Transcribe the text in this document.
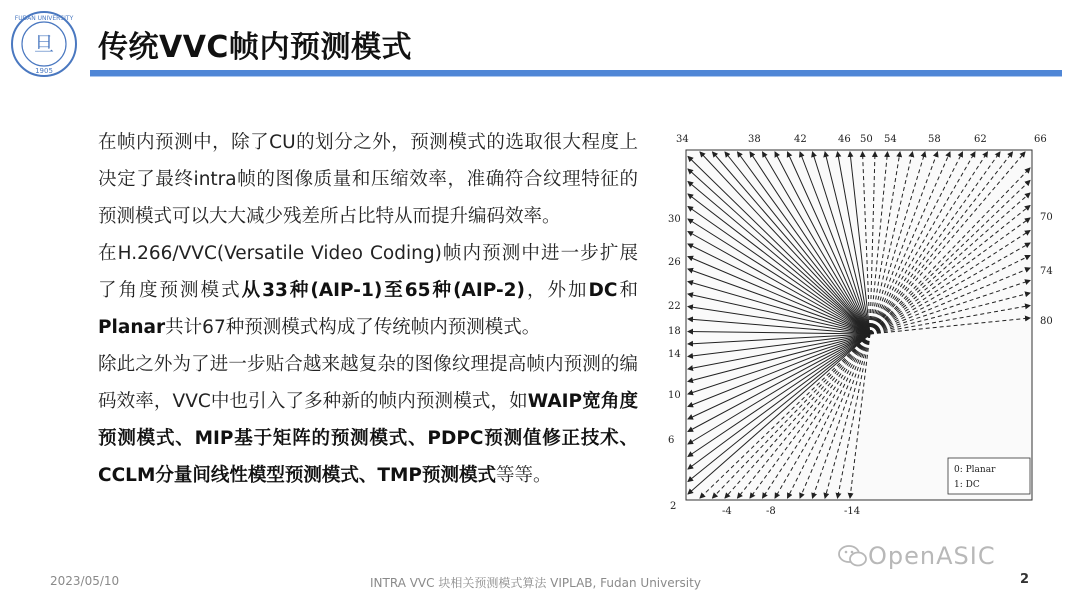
旦
1905
FUDAN UNIVERSITY
传统VVC帧内预测模式

在帧内预测中，除了CU的划分之外，预测模式的选取很大程度上决定了最终intra帧的图像质量和压缩效率，准确符合纹理特征的预测模式可以大大减少残差所占比特从而提升编码效率。

在H.266/VVC(Versatile Video Coding)帧内预测中进一步扩展了角度预测模式从33种(AIP-1)至65种(AIP-2)，外加DC和Planar共计67种预测模式构成了传统帧内预测模式。

除此之外为了进一步贴合越来越复杂的图像纹理提高帧内预测的编码效率，VVC中也引入了多种新的帧内预测模式，如WAIP宽角度预测模式、MIP基于矩阵的预测模式、PDPC预测值修正技术、CCLM分量间线性模型预测模式、TMP预测模式等等。

34	38	42	46 50 54	58	62	66
30
26
22
18
14
10
6
2
70
74
80
-4	-8	-14
0: Planar
1: DC
OpenASIC
2023/05/10	INTRA VVC 块相关预测模式算法 VIPLAB, Fudan University	2
